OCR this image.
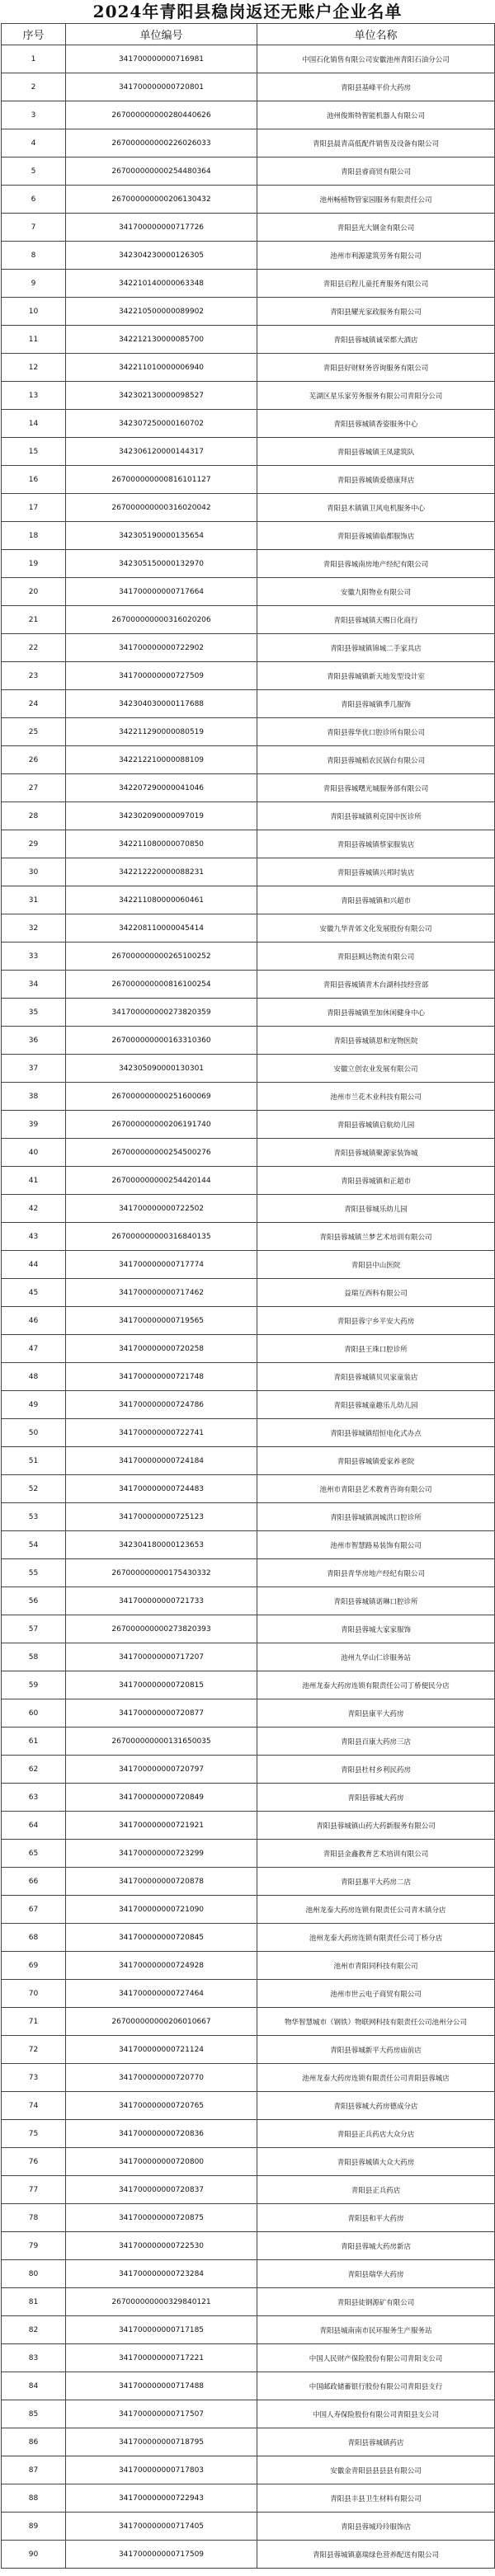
2024年青阳县稳岗返还无账户企业名单
序号	单位编号	单位名称
1	341700000000716981	中国石化销售有限公司安徽池州青阳石油分公司
2	341700000000720801	青阳县基峰平价大药房
3	267000000000280440626	池州俊斯特智能机器人有限公司
4	267000000000226026033	青阳县晨青高低配件销售及设备有限公司
5	267000000000254480364	青阳县睿商贸有限公司
6	267000000000206130432	池州畅植物管家园服务有限责任公司
7	341700000000717726	青阳县光大钢金有限公司
8	342304230000126305	池州市利源建筑劳务有限公司
9	342210140000063348	青阳县启程儿童托育服务有限公司
10	342210500000089902	青阳县耀光家政服务有限公司
11	342212130000085700	青阳县蓉城镇诚荣都大酒店
12	342211010000006940	青阳县好财财务咨询服务有限公司
13	342302130000098527	芜湖区星乐家劳务服务有限公司青阳分公司
14	342307250000160702	青阳县蓉城镇香姿服务中心
15	342306120000144317	青阳县蓉城镇王凤建筑队
16	267000000000816101127	青阳县蓉城镇爱德康拜店
17	267000000000316020042	青阳县木镇镇卫风电机服务中心
18	342305190000135654	青阳县蓉城镇临都服饰店
19	342305150000132970	青阳县蓉城南房地产经纪有限公司
20	341700000000717664	安徽九阳物业有限公司
21	267000000000316020206	青阳县蓉城镇天赐日化商行
22	341700000000722902	青阳县蓉城镇锦城二手家具店
23	341700000000727509	青阳县蓉城镇新天地发型设计室
24	342304030000117688	青阳县蓉城镇季几服饰
25	342211290000080519	青阳县蓉华优口腔诊所有限公司
26	342212210000088109	青阳县蓉城稻农民锅台有限公司
27	342207290000041046	青阳县蓉城曙光城服务部有限公司
28	342302090000097019	青阳县蓉城镇利克国中医诊所
29	342211080000070850	青阳县蓉城镇蔡家服装店
30	342212220000088231	青阳县蓉城镇兴邦时装店
31	342211080000060461	青阳县蓉城镇和兴超市
32	342208110000045414	安徽九华青郊文化发展股份有限公司
33	267000000000265100252	青阳县顾达物流有限公司
34	267000000000816100254	青阳县蓉城镇青木台湖科技经营部
35	341700000000273820359	青阳县蓉城镇至加休闲健身中心
36	267000000000163310360	青阳县蓉城镇恩和宠物医院
37	342305090000130301	安徽立创农业发展有限公司
38	267000000000251600069	池州市兰花木业科技有限公司
39	267000000000206191740	青阳县蓉城镇启航幼儿园
40	267000000000254500276	青阳县蓉城镇聚源家装饰城
41	267000000000254420144	青阳县蓉城镇和正超市
42	341700000000722502	青阳县蓉城乐幼儿园
43	267000000000316840135	青阳县蓉城镇兰梦艺术培训有限公司
44	341700000000717774	青阳县中山医院
45	341700000000717462	益瑞互西科有限公司
46	341700000000719565	青阳县蓉宁乡平安大药房
47	341700000000720258	青阳县王珠口腔诊所
48	341700000000721748	青阳县蓉城镇贝贝家童装店
49	341700000000724786	青阳县蓉城童趣乐儿幼儿园
50	341700000000722741	青阳县蓉城镇绍恒电化式办点
51	341700000000724184	青阳县蓉城镇爱家养老院
52	341700000000724483	池州市青阳县艺术教育咨询有限公司
53	341700000000725123	青阳县蓉城镇润城洪口腔诊所
54	342304180000123653	池州市智慧路易装饰有限公司
55	267000000000175430332	青阳县青华房地产经纪有限公司
56	341700000000721733	青阳县蓉城镇诺琳口腔诊所
57	267000000000273820393	青阳县蓉城大家家服饰
58	341700000000717207	池州九华山仁诊服务站
59	341700000000720815	池州龙泰大药房连锁有限责任公司丁桥便民分店
60	341700000000720877	青阳县康平大药房
61	267000000000131650035	青阳县百康大药房三店
62	341700000000720797	青阳县杜村乡利民药房
63	341700000000720849	青阳县蓉城大药房
64	341700000000721921	青阳县蓉城镇山药大药新服务有限公司
65	341700000000723299	青阳县金鑫教育艺术培训有限公司
66	341700000000720878	青阳县惠平大药房二店
67	341700000000721090	池州龙泰大药房连锁有限责任公司青木镇分店
68	341700000000720845	池州龙泰大药房连锁有限责任公司丁桥分店
69	341700000000724928	池州市青阳同科技有限公司
70	341700000000727464	池州市世云电子商贸有限公司
71	267000000000206010667	物华智慧城市（钢铁）物联网科技有限责任公司池州分公司
72	341700000000721124	青阳县蓉城新平大药房庙前店
73	341700000000720770	池州龙泰大药房连锁有限责任公司青阳县蓉城店
74	341700000000720765	青阳县蓉城大药房德成分店
75	341700000000720836	青阳县正兵药店大众分店
76	341700000000720800	青阳县蓉城镇大众大药房
77	341700000000720837	青阳县正兵药店
78	341700000000720875	青阳县和平大药房
79	341700000000722530	青阳县蓉城大药房新店
80	341700000000723284	青阳县瑞华大药房
81	267000000000329840121	青阳县徒钢源矿有限公司
82	341700000000717185	青阳县城南南市民环服务生产服务站
83	341700000000717221	中国人民财产保险股份有限公司青阳支公司
84	341700000000717488	中国邮政储蓄银行股份有限公司青阳县支行
85	341700000000717507	中国人寿保险股份有限公司青阳县支公司
86	341700000000718795	青阳县蓉城镇药店
87	341700000000717803	安徽金青阳县县县县有限公司
88	341700000000722943	青阳县丰县卫生材料有限公司
89	341700000000717405	青阳县蓉城玲玲服饰店
90	341700000000717509	青阳县蓉城镇嘉瑞绿色营养配送有限公司
